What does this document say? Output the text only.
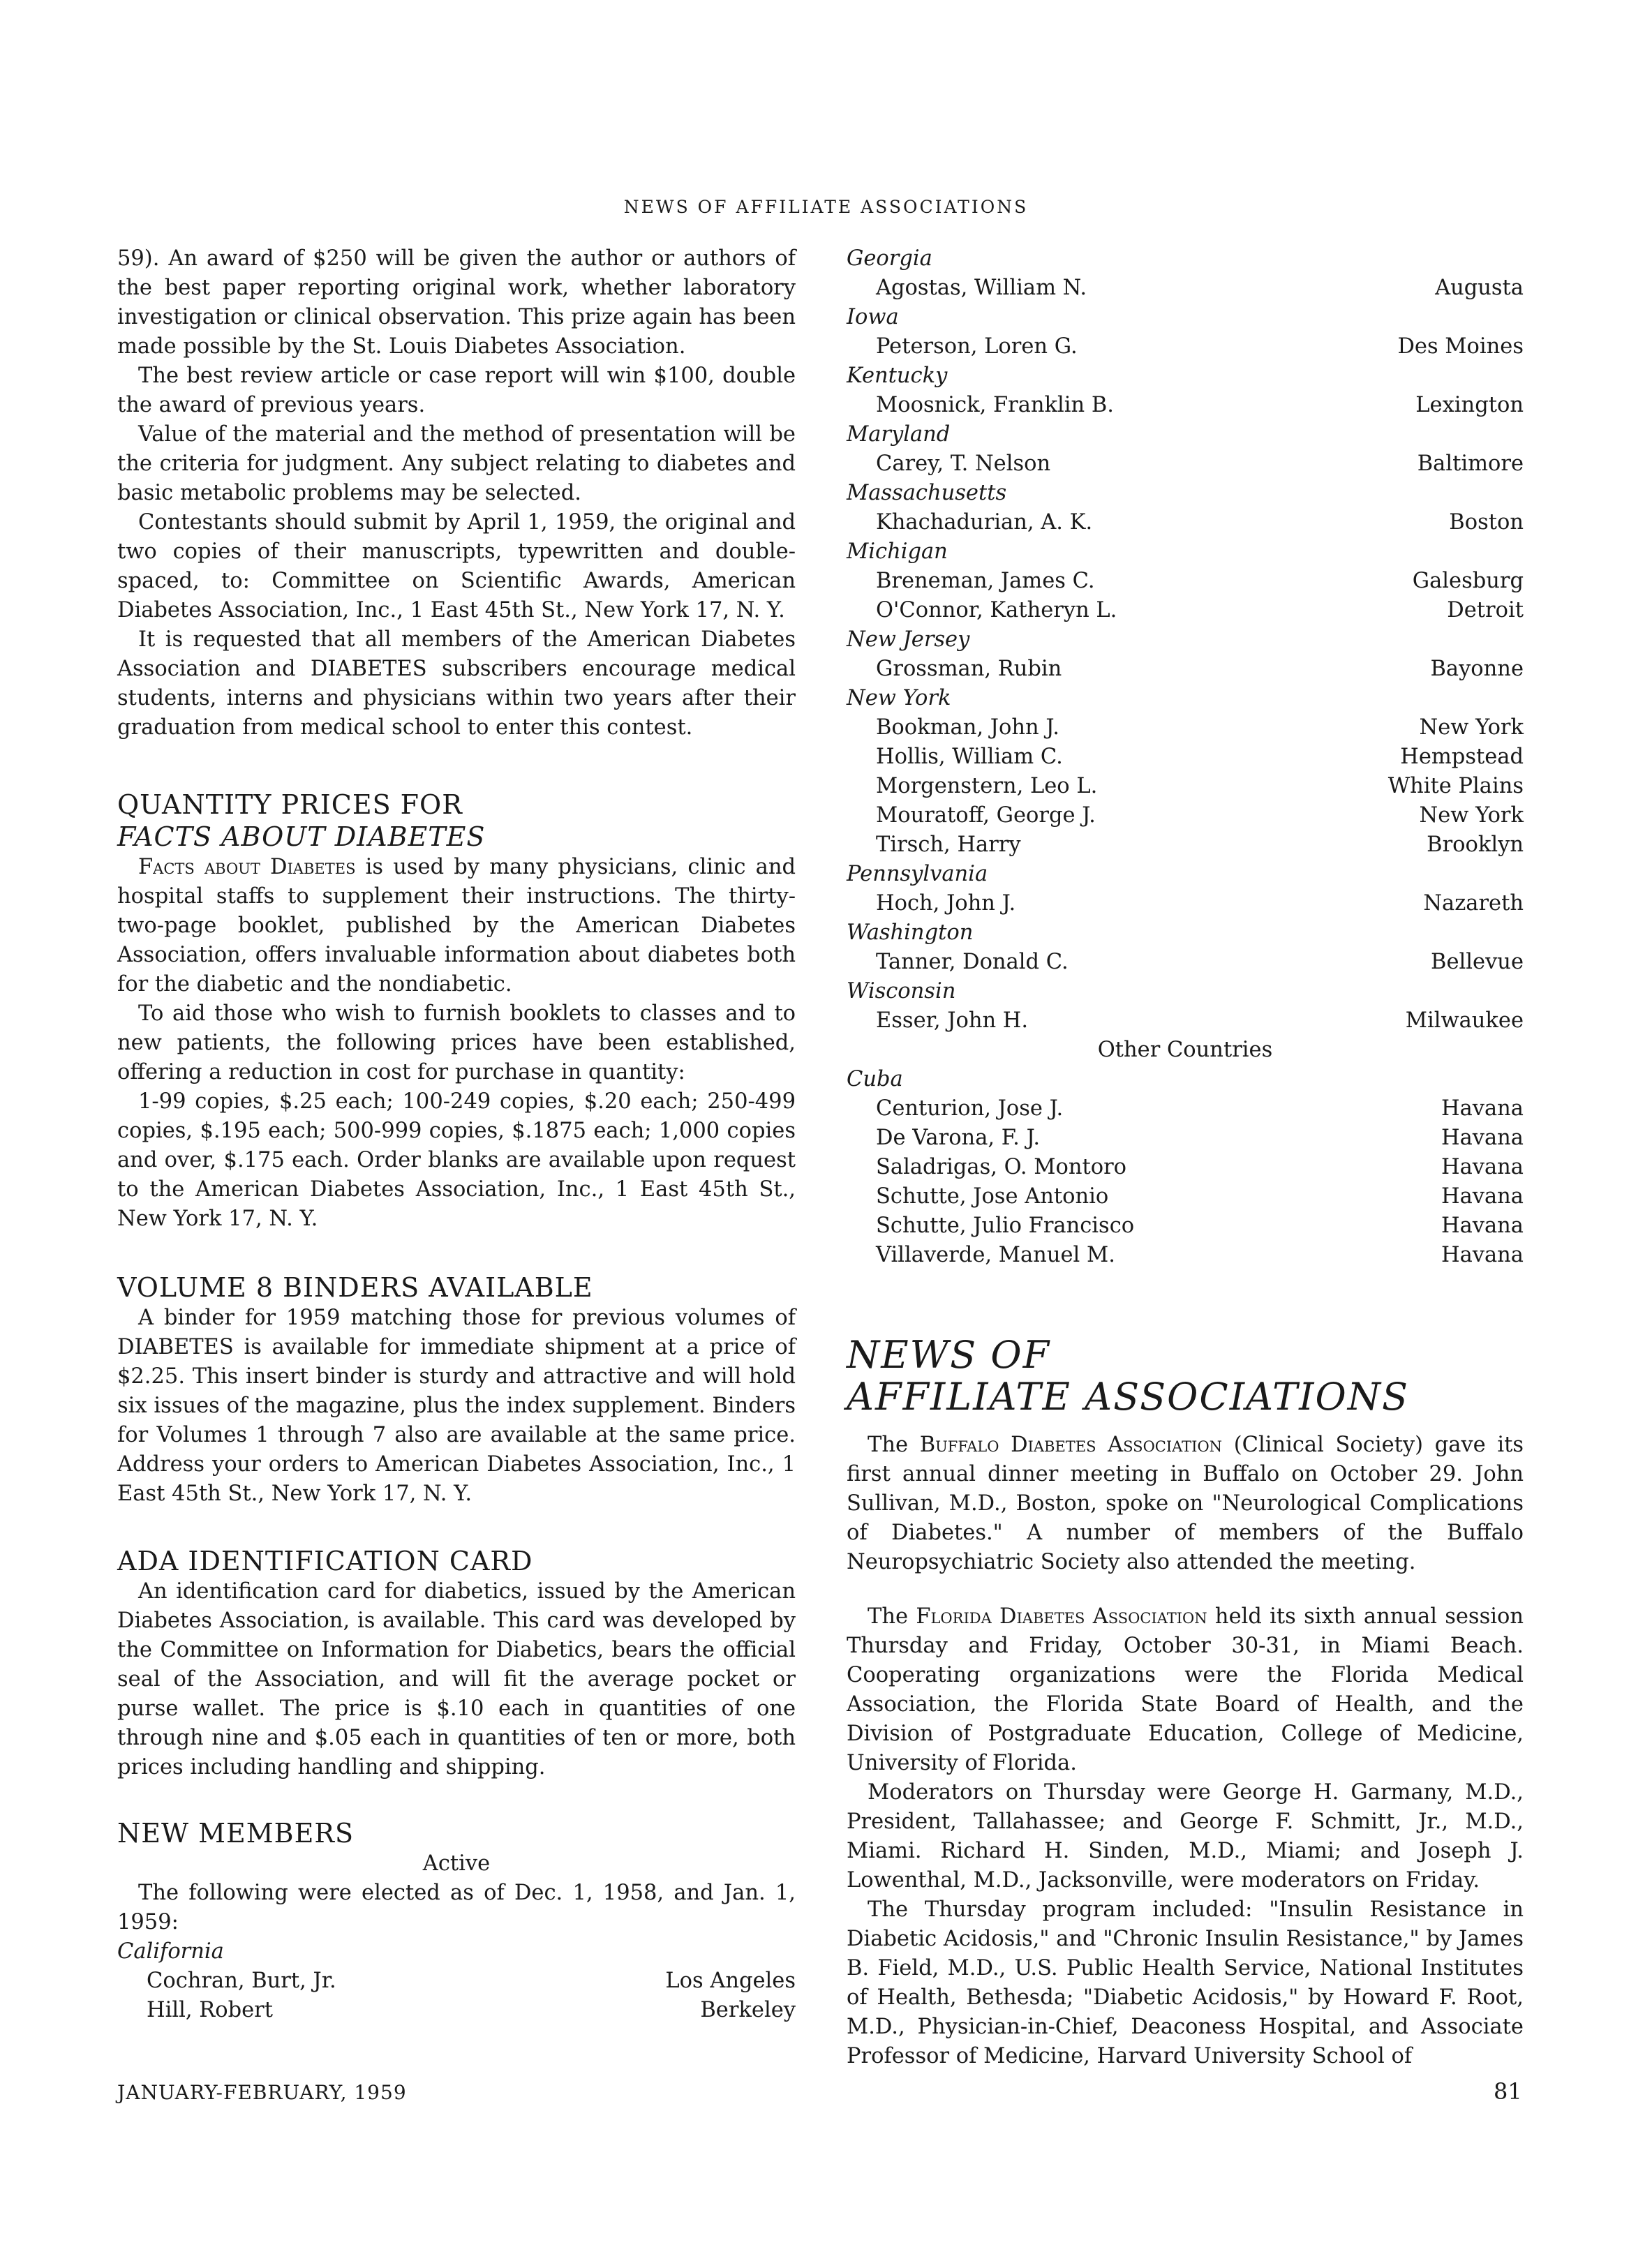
NEWS OF AFFILIATE ASSOCIATIONS

59). An award of $250 will be given the author or authors of the best paper reporting original work, whether laboratory investigation or clinical observation. This prize again has been made possible by the St. Louis Diabetes Association.

The best review article or case report will win $100, double the award of previous years.

Value of the material and the method of presentation will be the criteria for judgment. Any subject relating to diabetes and basic metabolic problems may be selected.

Contestants should submit by April 1, 1959, the original and two copies of their manuscripts, typewritten and double-spaced, to: Committee on Scientific Awards, American Diabetes Association, Inc., 1 East 45th St., New York 17, N. Y.

It is requested that all members of the American Diabetes Association and DIABETES subscribers encourage medical students, interns and physicians within two years after their graduation from medical school to enter this contest.

QUANTITY PRICES FOR
FACTS ABOUT DIABETES

Facts about Diabetes is used by many physicians, clinic and hospital staffs to supplement their instructions. The thirty-two-page booklet, published by the American Diabetes Association, offers invaluable information about diabetes both for the diabetic and the nondiabetic.

To aid those who wish to furnish booklets to classes and to new patients, the following prices have been established, offering a reduction in cost for purchase in quantity:

1-99 copies, $.25 each; 100-249 copies, $.20 each; 250-499 copies, $.195 each; 500-999 copies, $.1875 each; 1,000 copies and over, $.175 each. Order blanks are available upon request to the American Diabetes Association, Inc., 1 East 45th St., New York 17, N. Y.

VOLUME 8 BINDERS AVAILABLE

A binder for 1959 matching those for previous volumes of DIABETES is available for immediate shipment at a price of $2.25. This insert binder is sturdy and attractive and will hold six issues of the magazine, plus the index supplement. Binders for Volumes 1 through 7 also are available at the same price. Address your orders to American Diabetes Association, Inc., 1 East 45th St., New York 17, N. Y.

ADA IDENTIFICATION CARD

An identification card for diabetics, issued by the American Diabetes Association, is available. This card was developed by the Committee on Information for Diabetics, bears the official seal of the Association, and will fit the average pocket or purse wallet. The price is $.10 each in quantities of one through nine and $.05 each in quantities of ten or more, both prices including handling and shipping.

NEW MEMBERS
Active

The following were elected as of Dec. 1, 1958, and Jan. 1, 1959:

California
Cochran, Burt, Jr.	Los Angeles
Hill, Robert	Berkeley
Georgia
Agostas, William N.	Augusta
Iowa
Peterson, Loren G.	Des Moines
Kentucky
Moosnick, Franklin B.	Lexington
Maryland
Carey, T. Nelson	Baltimore
Massachusetts
Khachadurian, A. K.	Boston
Michigan
Breneman, James C.	Galesburg
O'Connor, Katheryn L.	Detroit
New Jersey
Grossman, Rubin	Bayonne
New York
Bookman, John J.	New York
Hollis, William C.	Hempstead
Morgenstern, Leo L.	White Plains
Mouratoff, George J.	New York
Tirsch, Harry	Brooklyn
Pennsylvania
Hoch, John J.	Nazareth
Washington
Tanner, Donald C.	Bellevue
Wisconsin
Esser, John H.	Milwaukee
Other Countries
Cuba
Centurion, Jose J.	Havana
De Varona, F. J.	Havana
Saladrigas, O. Montoro	Havana
Schutte, Jose Antonio	Havana
Schutte, Julio Francisco	Havana
Villaverde, Manuel M.	Havana
NEWS OF
AFFILIATE ASSOCIATIONS

The Buffalo Diabetes Association (Clinical Society) gave its first annual dinner meeting in Buffalo on October 29. John Sullivan, M.D., Boston, spoke on "Neurological Complications of Diabetes." A number of members of the Buffalo Neuropsychiatric Society also attended the meeting.

The Florida Diabetes Association held its sixth annual session Thursday and Friday, October 30-31, in Miami Beach. Cooperating organizations were the Florida Medical Association, the Florida State Board of Health, and the Division of Postgraduate Education, College of Medicine, University of Florida.

Moderators on Thursday were George H. Garmany, M.D., President, Tallahassee; and George F. Schmitt, Jr., M.D., Miami. Richard H. Sinden, M.D., Miami; and Joseph J. Lowenthal, M.D., Jacksonville, were moderators on Friday.

The Thursday program included: "Insulin Resistance in Diabetic Acidosis," and "Chronic Insulin Resistance," by James B. Field, M.D., U.S. Public Health Service, National Institutes of Health, Bethesda; "Diabetic Acidosis," by Howard F. Root, M.D., Physician-in-Chief, Deaconess Hospital, and Associate Professor of Medicine, Harvard University School of

JANUARY-FEBRUARY, 1959	81
